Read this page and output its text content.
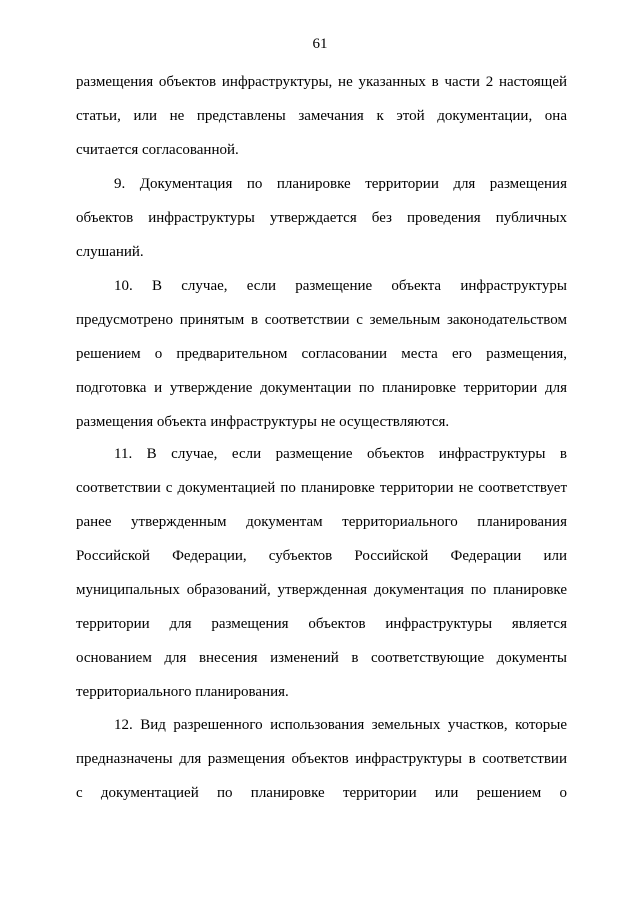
61
размещения объектов инфраструктуры, не указанных в части 2 настоящей
статьи, или не представлены замечания к этой документации, она
считается согласованной.
9. Документация по планировке территории для размещения
объектов инфраструктуры утверждается без проведения публичных
слушаний.
10. В случае, если размещение объекта инфраструктуры
предусмотрено принятым в соответствии с земельным законодательством
решением о предварительном согласовании места его размещения,
подготовка и утверждение документации по планировке территории для
размещения объекта инфраструктуры не осуществляются.
11. В случае, если размещение объектов инфраструктуры в
соответствии с документацией по планировке территории не соответствует
ранее утвержденным документам территориального планирования
Российской Федерации, субъектов Российской Федерации или
муниципальных образований, утвержденная документация по планировке
территории для размещения объектов инфраструктуры является
основанием для внесения изменений в соответствующие документы
территориального планирования.
12. Вид разрешенного использования земельных участков, которые
предназначены для размещения объектов инфраструктуры в соответствии
с документацией по планировке территории или решением о
